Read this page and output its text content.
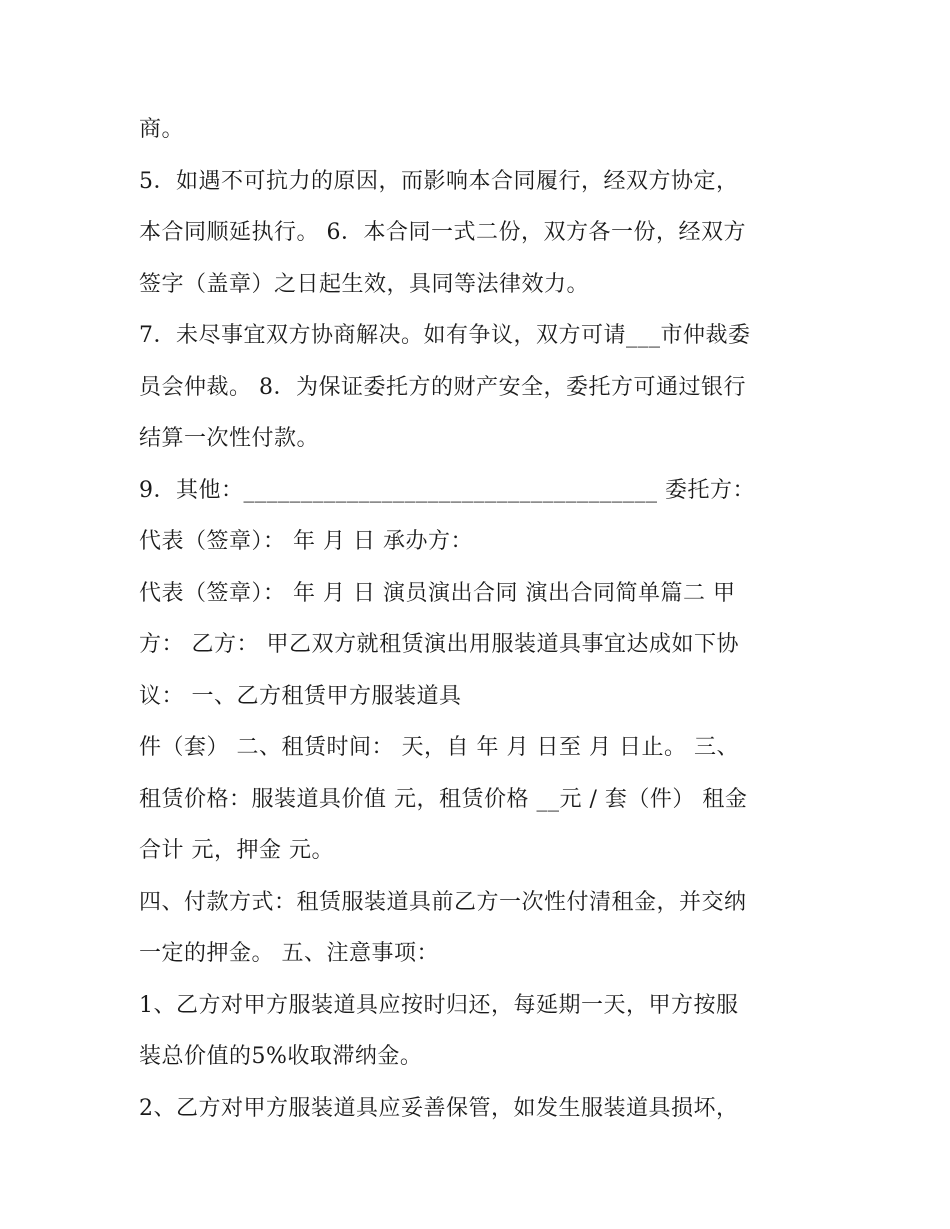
商。
5．如遇不可抗力的原因，而影响本合同履行，经双方协定，
本合同顺延执行。 6．本合同一式二份，双方各一份，经双方
签字（盖章）之日起生效，具同等法律效力。
7．未尽事宜双方协商解决。如有争议，双方可请___市仲裁委
员会仲裁。 8．为保证委托方的财产安全，委托方可通过银行
结算一次性付款。
9．其他：____________________________________ 委托方：
代表（签章）： 年 月 日 承办方：
代表（签章）： 年 月 日 演员演出合同 演出合同简单篇二 甲
方： 乙方： 甲乙双方就租赁演出用服装道具事宜达成如下协
议： 一、乙方租赁甲方服装道具
件（套） 二、租赁时间： 天，自 年 月 日至 月 日止。 三、
租赁价格：服装道具价值 元，租赁价格 __元 / 套（件） 租金
合计 元，押金 元。
四、付款方式：租赁服装道具前乙方一次性付清租金，并交纳
一定的押金。 五、注意事项：
1、乙方对甲方服装道具应按时归还，每延期一天，甲方按服
装总价值的5%收取滞纳金。
2、乙方对甲方服装道具应妥善保管，如发生服装道具损坏，
